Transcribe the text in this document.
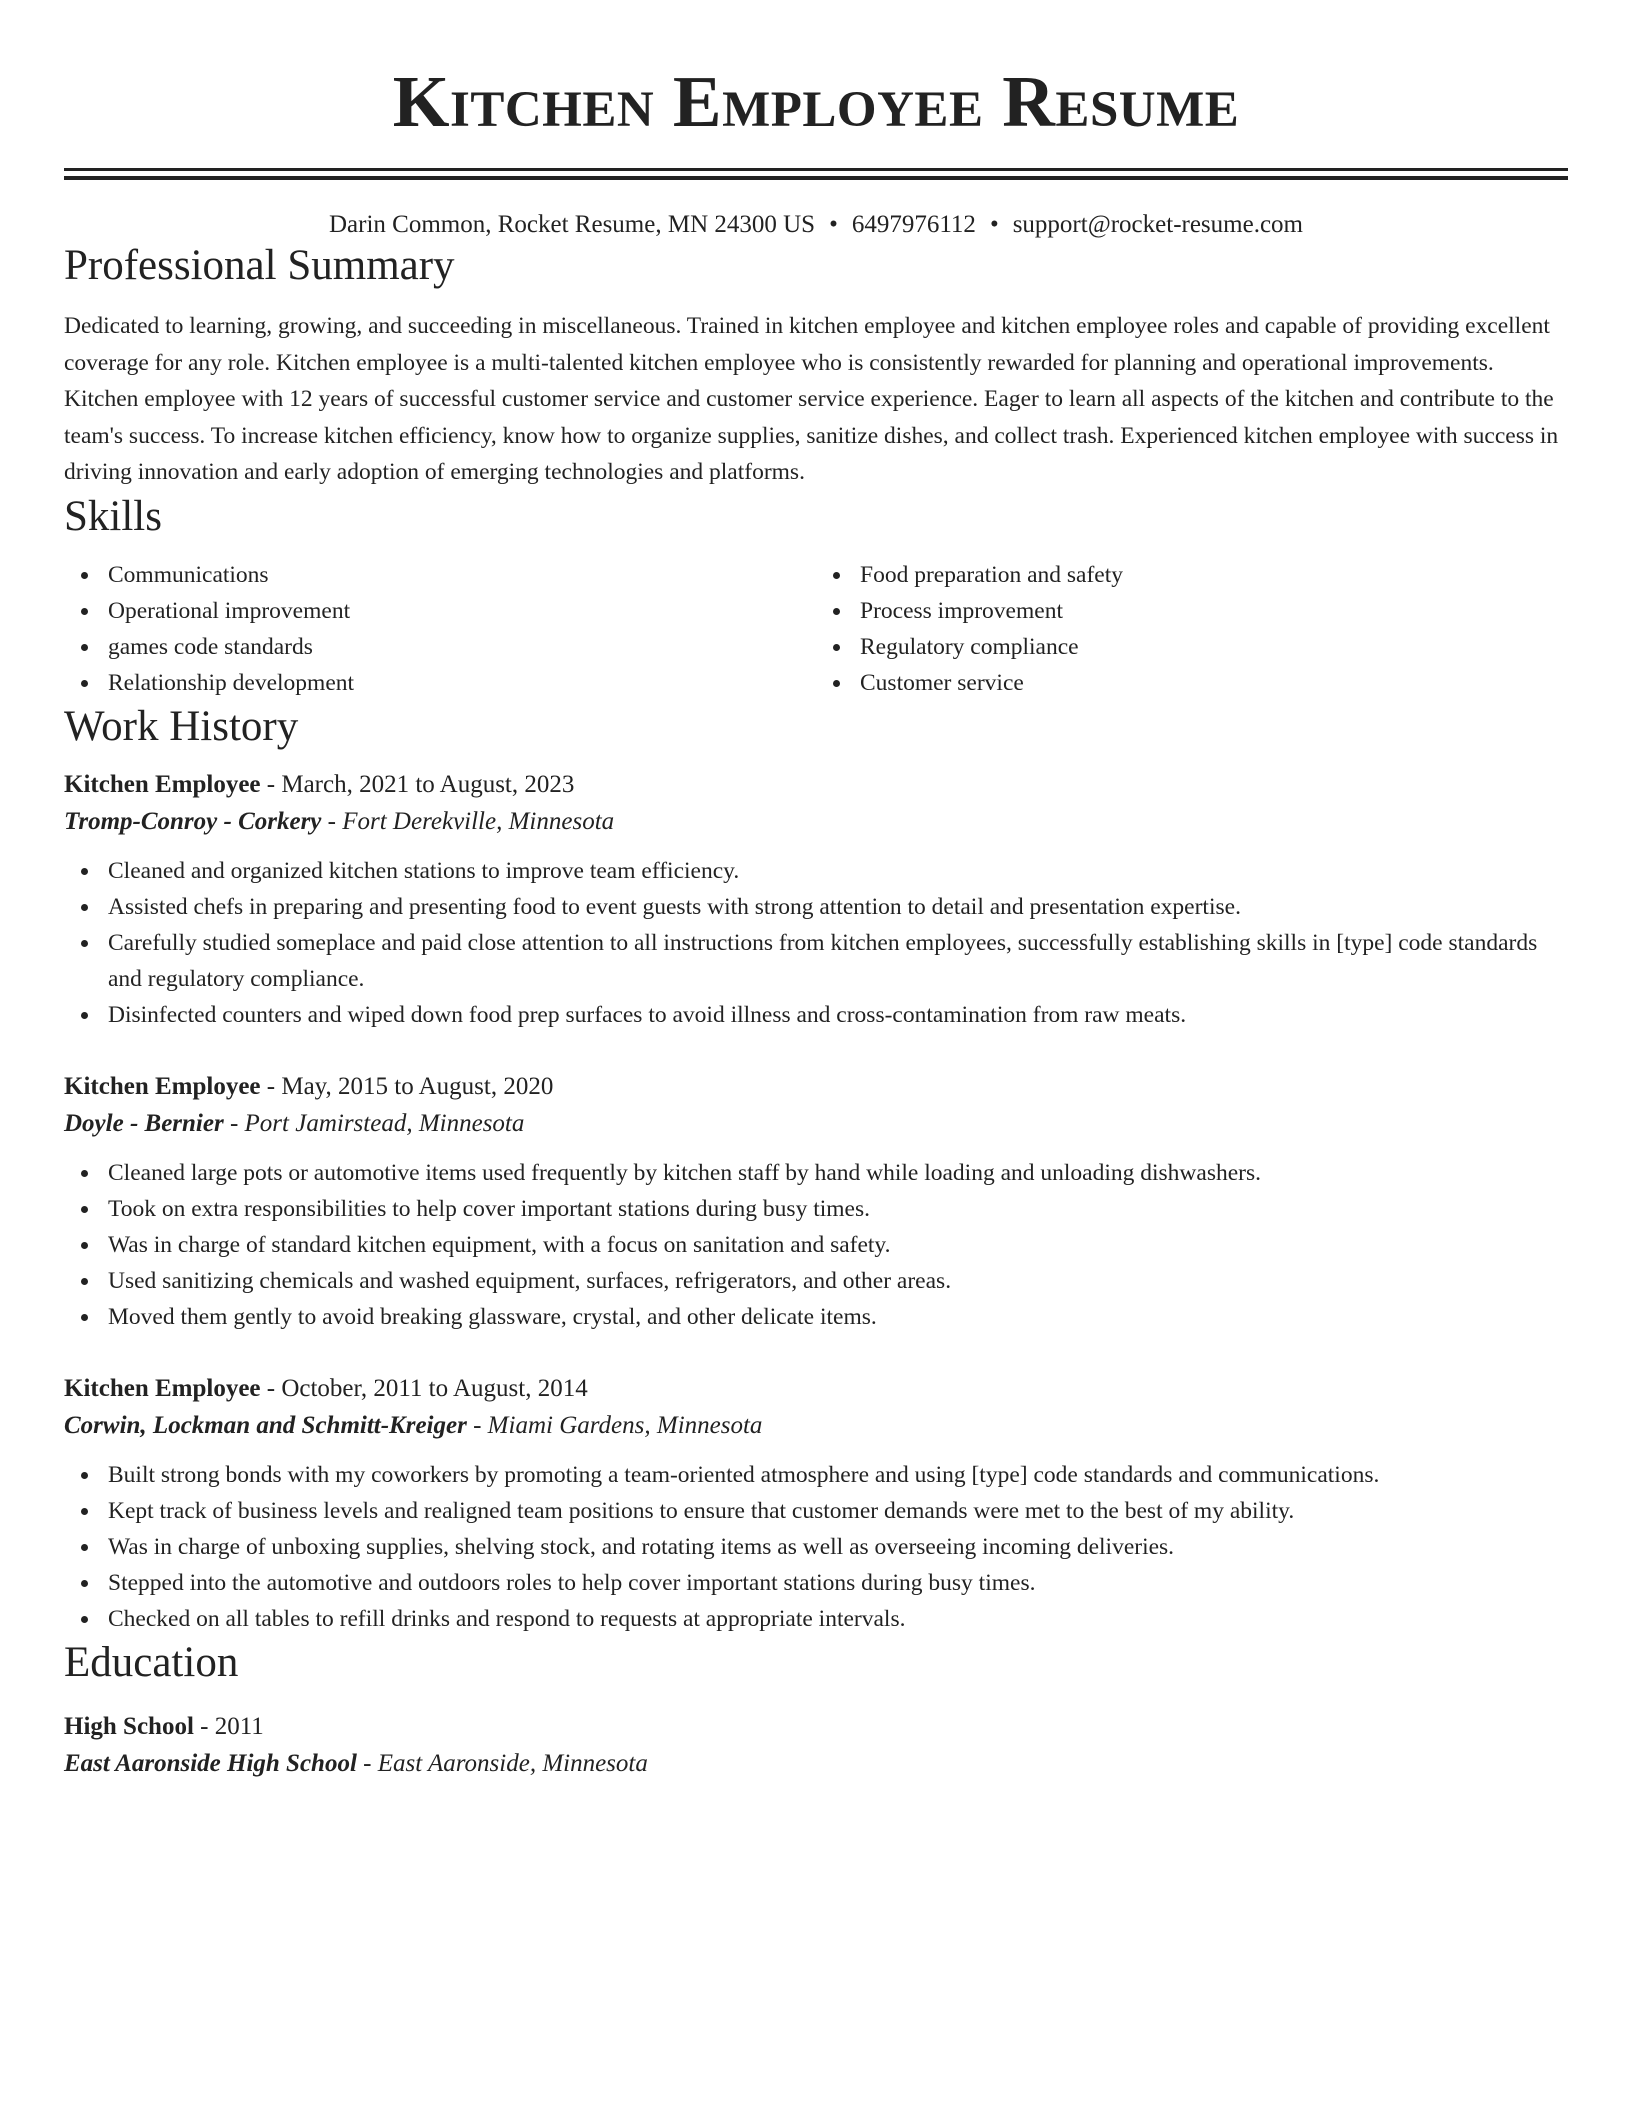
Kitchen Employee Resume
Darin Common, Rocket Resume, MN 24300 US • 6497976112 • support@rocket-resume.com
Professional Summary
Dedicated to learning, growing, and succeeding in miscellaneous. Trained in kitchen employee and kitchen employee roles and capable of providing excellent coverage for any role. Kitchen employee is a multi-talented kitchen employee who is consistently rewarded for planning and operational improvements. Kitchen employee with 12 years of successful customer service and customer service experience. Eager to learn all aspects of the kitchen and contribute to the team's success. To increase kitchen efficiency, know how to organize supplies, sanitize dishes, and collect trash. Experienced kitchen employee with success in driving innovation and early adoption of emerging technologies and platforms.
Skills
Communications
Operational improvement
games code standards
Relationship development
Food preparation and safety
Process improvement
Regulatory compliance
Customer service
Work History
Kitchen Employee - March, 2021 to August, 2023
Tromp-Conroy - Corkery - Fort Derekville, Minnesota
Cleaned and organized kitchen stations to improve team efficiency.
Assisted chefs in preparing and presenting food to event guests with strong attention to detail and presentation expertise.
Carefully studied someplace and paid close attention to all instructions from kitchen employees, successfully establishing skills in [type] code standards and regulatory compliance.
Disinfected counters and wiped down food prep surfaces to avoid illness and cross-contamination from raw meats.
Kitchen Employee - May, 2015 to August, 2020
Doyle - Bernier - Port Jamirstead, Minnesota
Cleaned large pots or automotive items used frequently by kitchen staff by hand while loading and unloading dishwashers.
Took on extra responsibilities to help cover important stations during busy times.
Was in charge of standard kitchen equipment, with a focus on sanitation and safety.
Used sanitizing chemicals and washed equipment, surfaces, refrigerators, and other areas.
Moved them gently to avoid breaking glassware, crystal, and other delicate items.
Kitchen Employee - October, 2011 to August, 2014
Corwin, Lockman and Schmitt-Kreiger - Miami Gardens, Minnesota
Built strong bonds with my coworkers by promoting a team-oriented atmosphere and using [type] code standards and communications.
Kept track of business levels and realigned team positions to ensure that customer demands were met to the best of my ability.
Was in charge of unboxing supplies, shelving stock, and rotating items as well as overseeing incoming deliveries.
Stepped into the automotive and outdoors roles to help cover important stations during busy times.
Checked on all tables to refill drinks and respond to requests at appropriate intervals.
Education
High School - 2011
East Aaronside High School - East Aaronside, Minnesota
